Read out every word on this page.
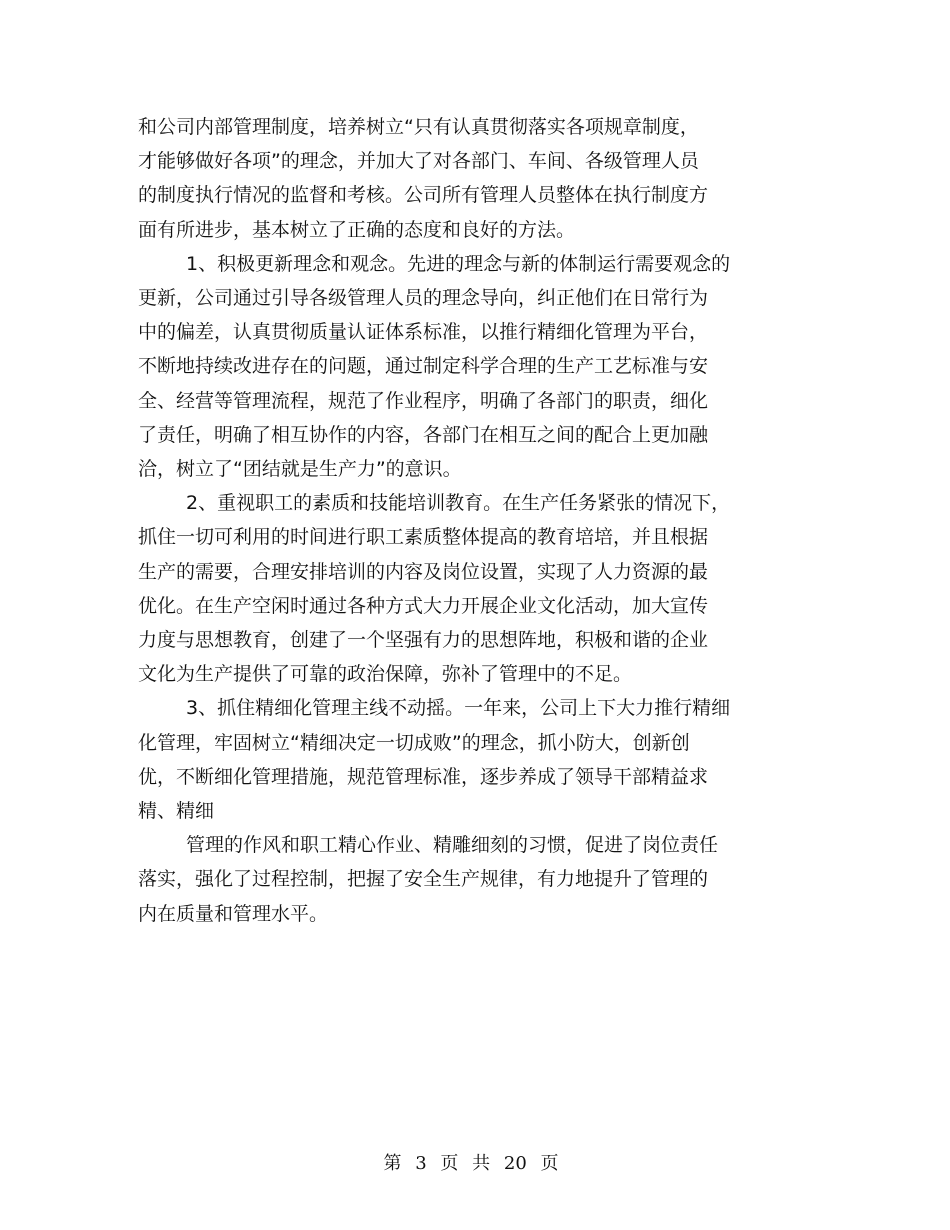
和公司内部管理制度，培养树立“只有认真贯彻落实各项规章制度，
才能够做好各项”的理念，并加大了对各部门、车间、各级管理人员
的制度执行情况的监督和考核。公司所有管理人员整体在执行制度方
面有所进步，基本树立了正确的态度和良好的方法。

1、积极更新理念和观念。先进的理念与新的体制运行需要观念的
更新，公司通过引导各级管理人员的理念导向，纠正他们在日常行为
中的偏差，认真贯彻质量认证体系标准，以推行精细化管理为平台，
不断地持续改进存在的问题，通过制定科学合理的生产工艺标准与安
全、经营等管理流程，规范了作业程序，明确了各部门的职责，细化
了责任，明确了相互协作的内容，各部门在相互之间的配合上更加融
洽，树立了“团结就是生产力”的意识。

2、重视职工的素质和技能培训教育。在生产任务紧张的情况下，
抓住一切可利用的时间进行职工素质整体提高的教育培培，并且根据
生产的需要，合理安排培训的内容及岗位设置，实现了人力资源的最
优化。在生产空闲时通过各种方式大力开展企业文化活动，加大宣传
力度与思想教育，创建了一个坚强有力的思想阵地，积极和谐的企业
文化为生产提供了可靠的政治保障，弥补了管理中的不足。

3、抓住精细化管理主线不动摇。一年来，公司上下大力推行精细
化管理，牢固树立“精细决定一切成败”的理念，抓小防大，创新创
优，不断细化管理措施，规范管理标准，逐步养成了领导干部精益求
精、精细

管理的作风和职工精心作业、精雕细刻的习惯，促进了岗位责任
落实，强化了过程控制，把握了安全生产规律，有力地提升了管理的
内在质量和管理水平。

第 3 页 共 20 页
